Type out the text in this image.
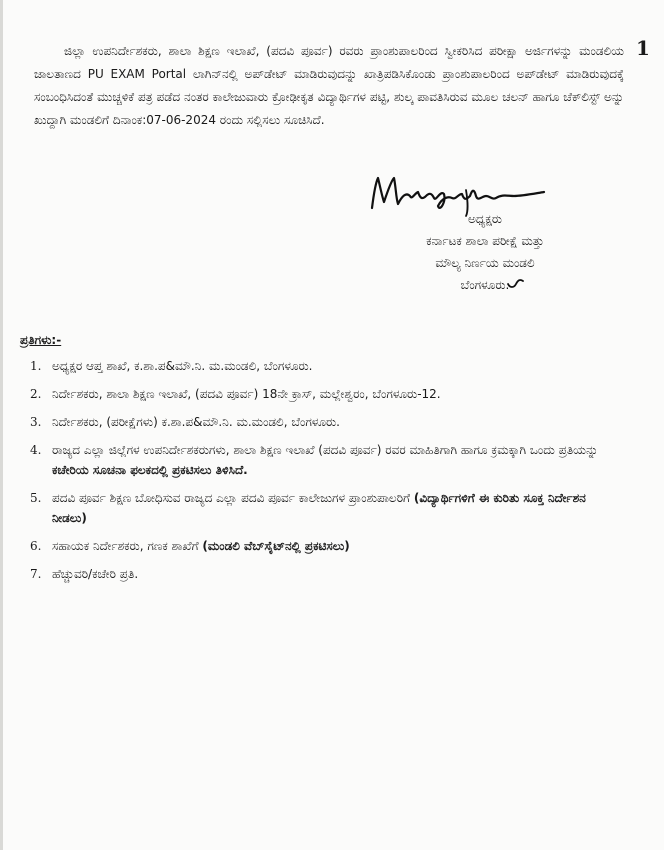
1

ಜಿಲ್ಲಾ ಉಪನಿರ್ದೇಶಕರು, ಶಾಲಾ ಶಿಕ್ಷಣ ಇಲಾಖೆ, (ಪದವಿ ಪೂರ್ವ) ರವರು ಪ್ರಾಂಶುಪಾಲರಿಂದ ಸ್ವೀಕರಿಸಿದ ಪರೀಕ್ಷಾ ಅರ್ಜಿಗಳನ್ನು ಮಂಡಲಿಯ ಜಾಲತಾಣದ PU EXAM Portal ಲಾಗಿನ್‌ನಲ್ಲಿ ಅಪ್‌ಡೇಟ್ ಮಾಡಿರುವುದನ್ನು ಖಾತ್ರಿಪಡಿಸಿಕೊಂಡು ಪ್ರಾಂಶುಪಾಲರಿಂದ ಅಪ್‌ಡೇಟ್ ಮಾಡಿರುವುದಕ್ಕೆ ಸಂಬಂಧಿಸಿದಂತೆ ಮುಚ್ಚಳಿಕೆ ಪತ್ರ ಪಡೆದ ನಂತರ ಕಾಲೇಜುವಾರು ಕ್ರೋಢೀಕೃತ ವಿದ್ಯಾರ್ಥಿಗಳ ಪಟ್ಟಿ, ಶುಲ್ಕ ಪಾವತಿಸಿರುವ ಮೂಲ ಚಲನ್ ಹಾಗೂ ಚೆಕ್‌ಲಿಸ್ಟ್ ಅನ್ನು ಖುದ್ದಾಗಿ ಮಂಡಲಿಗೆ ದಿನಾಂಕ:07-06-2024 ರಂದು ಸಲ್ಲಿಸಲು ಸೂಚಿಸಿದೆ.

ಅಧ್ಯಕ್ಷರು
ಕರ್ನಾಟಕ ಶಾಲಾ ಪರೀಕ್ಷೆ ಮತ್ತು
ಮೌಲ್ಯ ನಿರ್ಣಯ ಮಂಡಲಿ
ಬೆಂಗಳೂರು.
ಪ್ರತಿಗಳು:-
1. ಅಧ್ಯಕ್ಷರ ಆಪ್ತ ಶಾಖೆ, ಕ.ಶಾ.ಪ&ಮೌ.ನಿ. ಮ.ಮಂಡಲಿ, ಬೆಂಗಳೂರು.
2. ನಿರ್ದೇಶಕರು, ಶಾಲಾ ಶಿಕ್ಷಣ ಇಲಾಖೆ, (ಪದವಿ ಪೂರ್ವ) 18ನೇ ಕ್ರಾಸ್, ಮಲ್ಲೇಶ್ವರಂ, ಬೆಂಗಳೂರು-12.
3. ನಿರ್ದೇಶಕರು, (ಪರೀಕ್ಷೆಗಳು) ಕ.ಶಾ.ಪ&ಮೌ.ನಿ. ಮ.ಮಂಡಲಿ, ಬೆಂಗಳೂರು.
4. ರಾಜ್ಯದ ಎಲ್ಲಾ ಜಿಲ್ಲೆಗಳ ಉಪನಿರ್ದೇಶಕರುಗಳು, ಶಾಲಾ ಶಿಕ್ಷಣ ಇಲಾಖೆ (ಪದವಿ ಪೂರ್ವ) ರವರ ಮಾಹಿತಿಗಾಗಿ ಹಾಗೂ ಕ್ರಮಕ್ಕಾಗಿ ಒಂದು ಪ್ರತಿಯನ್ನು ಕಚೇರಿಯ ಸೂಚನಾ ಫಲಕದಲ್ಲಿ ಪ್ರಕಟಿಸಲು ತಿಳಿಸಿದೆ.
5. ಪದವಿ ಪೂರ್ವ ಶಿಕ್ಷಣ ಬೋಧಿಸುವ ರಾಜ್ಯದ ಎಲ್ಲಾ ಪದವಿ ಪೂರ್ವ ಕಾಲೇಜುಗಳ ಪ್ರಾಂಶುಪಾಲರಿಗೆ (ವಿದ್ಯಾರ್ಥಿಗಳಿಗೆ ಈ ಕುರಿತು ಸೂಕ್ತ ನಿರ್ದೇಶನ ನೀಡಲು)
6. ಸಹಾಯಕ ನಿರ್ದೇಶಕರು, ಗಣಕ ಶಾಖೆಗೆ (ಮಂಡಲಿ ವೆಬ್‌ಸೈಟ್‌ನಲ್ಲಿ ಪ್ರಕಟಿಸಲು)
7. ಹೆಚ್ಚುವರಿ/ಕಚೇರಿ ಪ್ರತಿ.
